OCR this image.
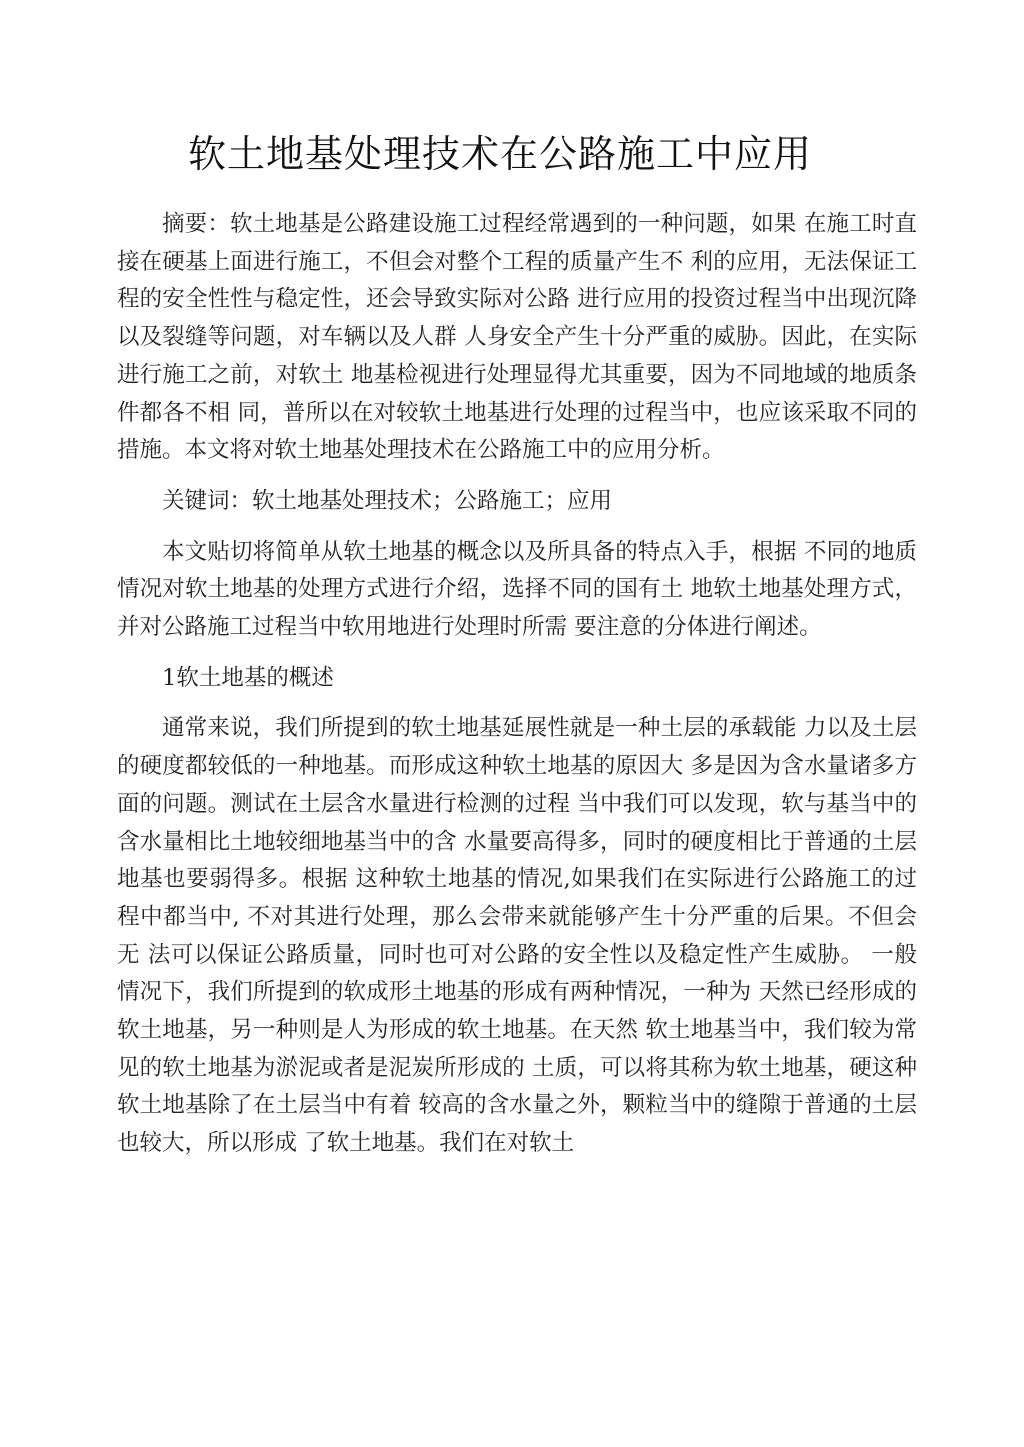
软土地基处理技术在公路施工中应用

摘要：软土地基是公路建设施工过程经常遇到的一种问题，如果 在施工时直接在硬基上面进行施工，不但会对整个工程的质量产生不 利的应用，无法保证工程的安全性性与稳定性，还会导致实际对公路 进行应用的投资过程当中出现沉降以及裂缝等问题，对车辆以及人群 人身安全产生十分严重的威胁。因此，在实际进行施工之前，对软土 地基检视进行处理显得尤其重要，因为不同地域的地质条件都各不相 同，普所以在对较软土地基进行处理的过程当中，也应该采取不同的 措施。本文将对软土地基处理技术在公路施工中的应用分析。

关键词：软土地基处理技术；公路施工；应用

本文贴切将简单从软土地基的概念以及所具备的特点入手，根据 不同的地质情况对软土地基的处理方式进行介绍，选择不同的国有土 地软土地基处理方式，并对公路施工过程当中软用地进行处理时所需 要注意的分体进行阐述。

1软土地基的概述

通常来说，我们所提到的软土地基延展性就是一种土层的承载能 力以及土层的硬度都较低的一种地基。而形成这种软土地基的原因大 多是因为含水量诸多方面的问题。测试在土层含水量进行检测的过程 当中我们可以发现，软与基当中的含水量相比土地较细地基当中的含 水量要高得多，同时的硬度相比于普通的土层地基也要弱得多。根据 这种软土地基的情况,如果我们在实际进行公路施工的过程中都当中, 不对其进行处理，那么会带来就能够产生十分严重的后果。不但会无 法可以保证公路质量，同时也可对公路的安全性以及稳定性产生威胁。 一般情况下，我们所提到的软成形土地基的形成有两种情况，一种为 天然已经形成的软土地基，另一种则是人为形成的软土地基。在天然 软土地基当中，我们较为常见的软土地基为淤泥或者是泥炭所形成的 土质，可以将其称为软土地基，硬这种软土地基除了在土层当中有着 较高的含水量之外，颗粒当中的缝隙于普通的土层也较大，所以形成 了软土地基。我们在对软土
